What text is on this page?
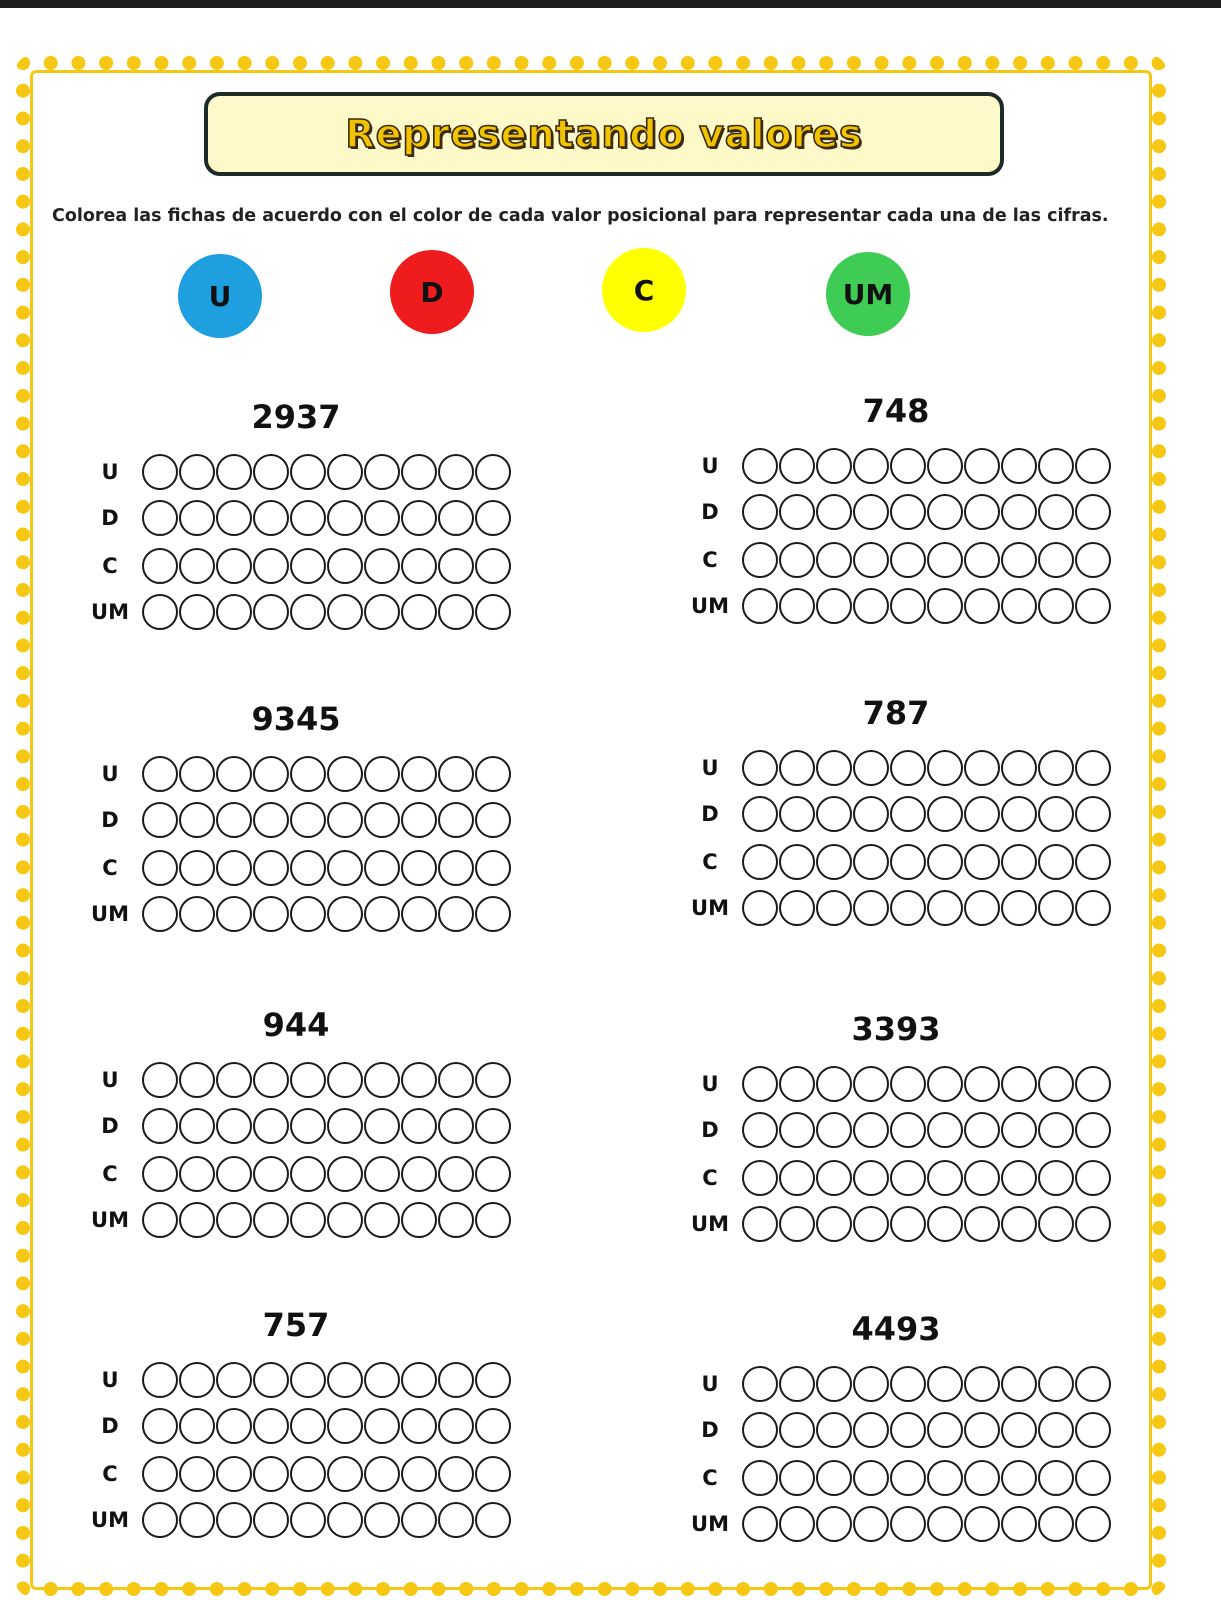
Representando valores
Colorea las fichas de acuerdo con el color de cada valor posicional para representar cada una de las cifras.
U	D	C	UM
2937
U
D
C
UM
748
U
D
C
UM
9345
U
D
C
UM
787
U
D
C
UM
944
U
D
C
UM
3393
U
D
C
UM
757
U
D
C
UM
4493
U
D
C
UM
